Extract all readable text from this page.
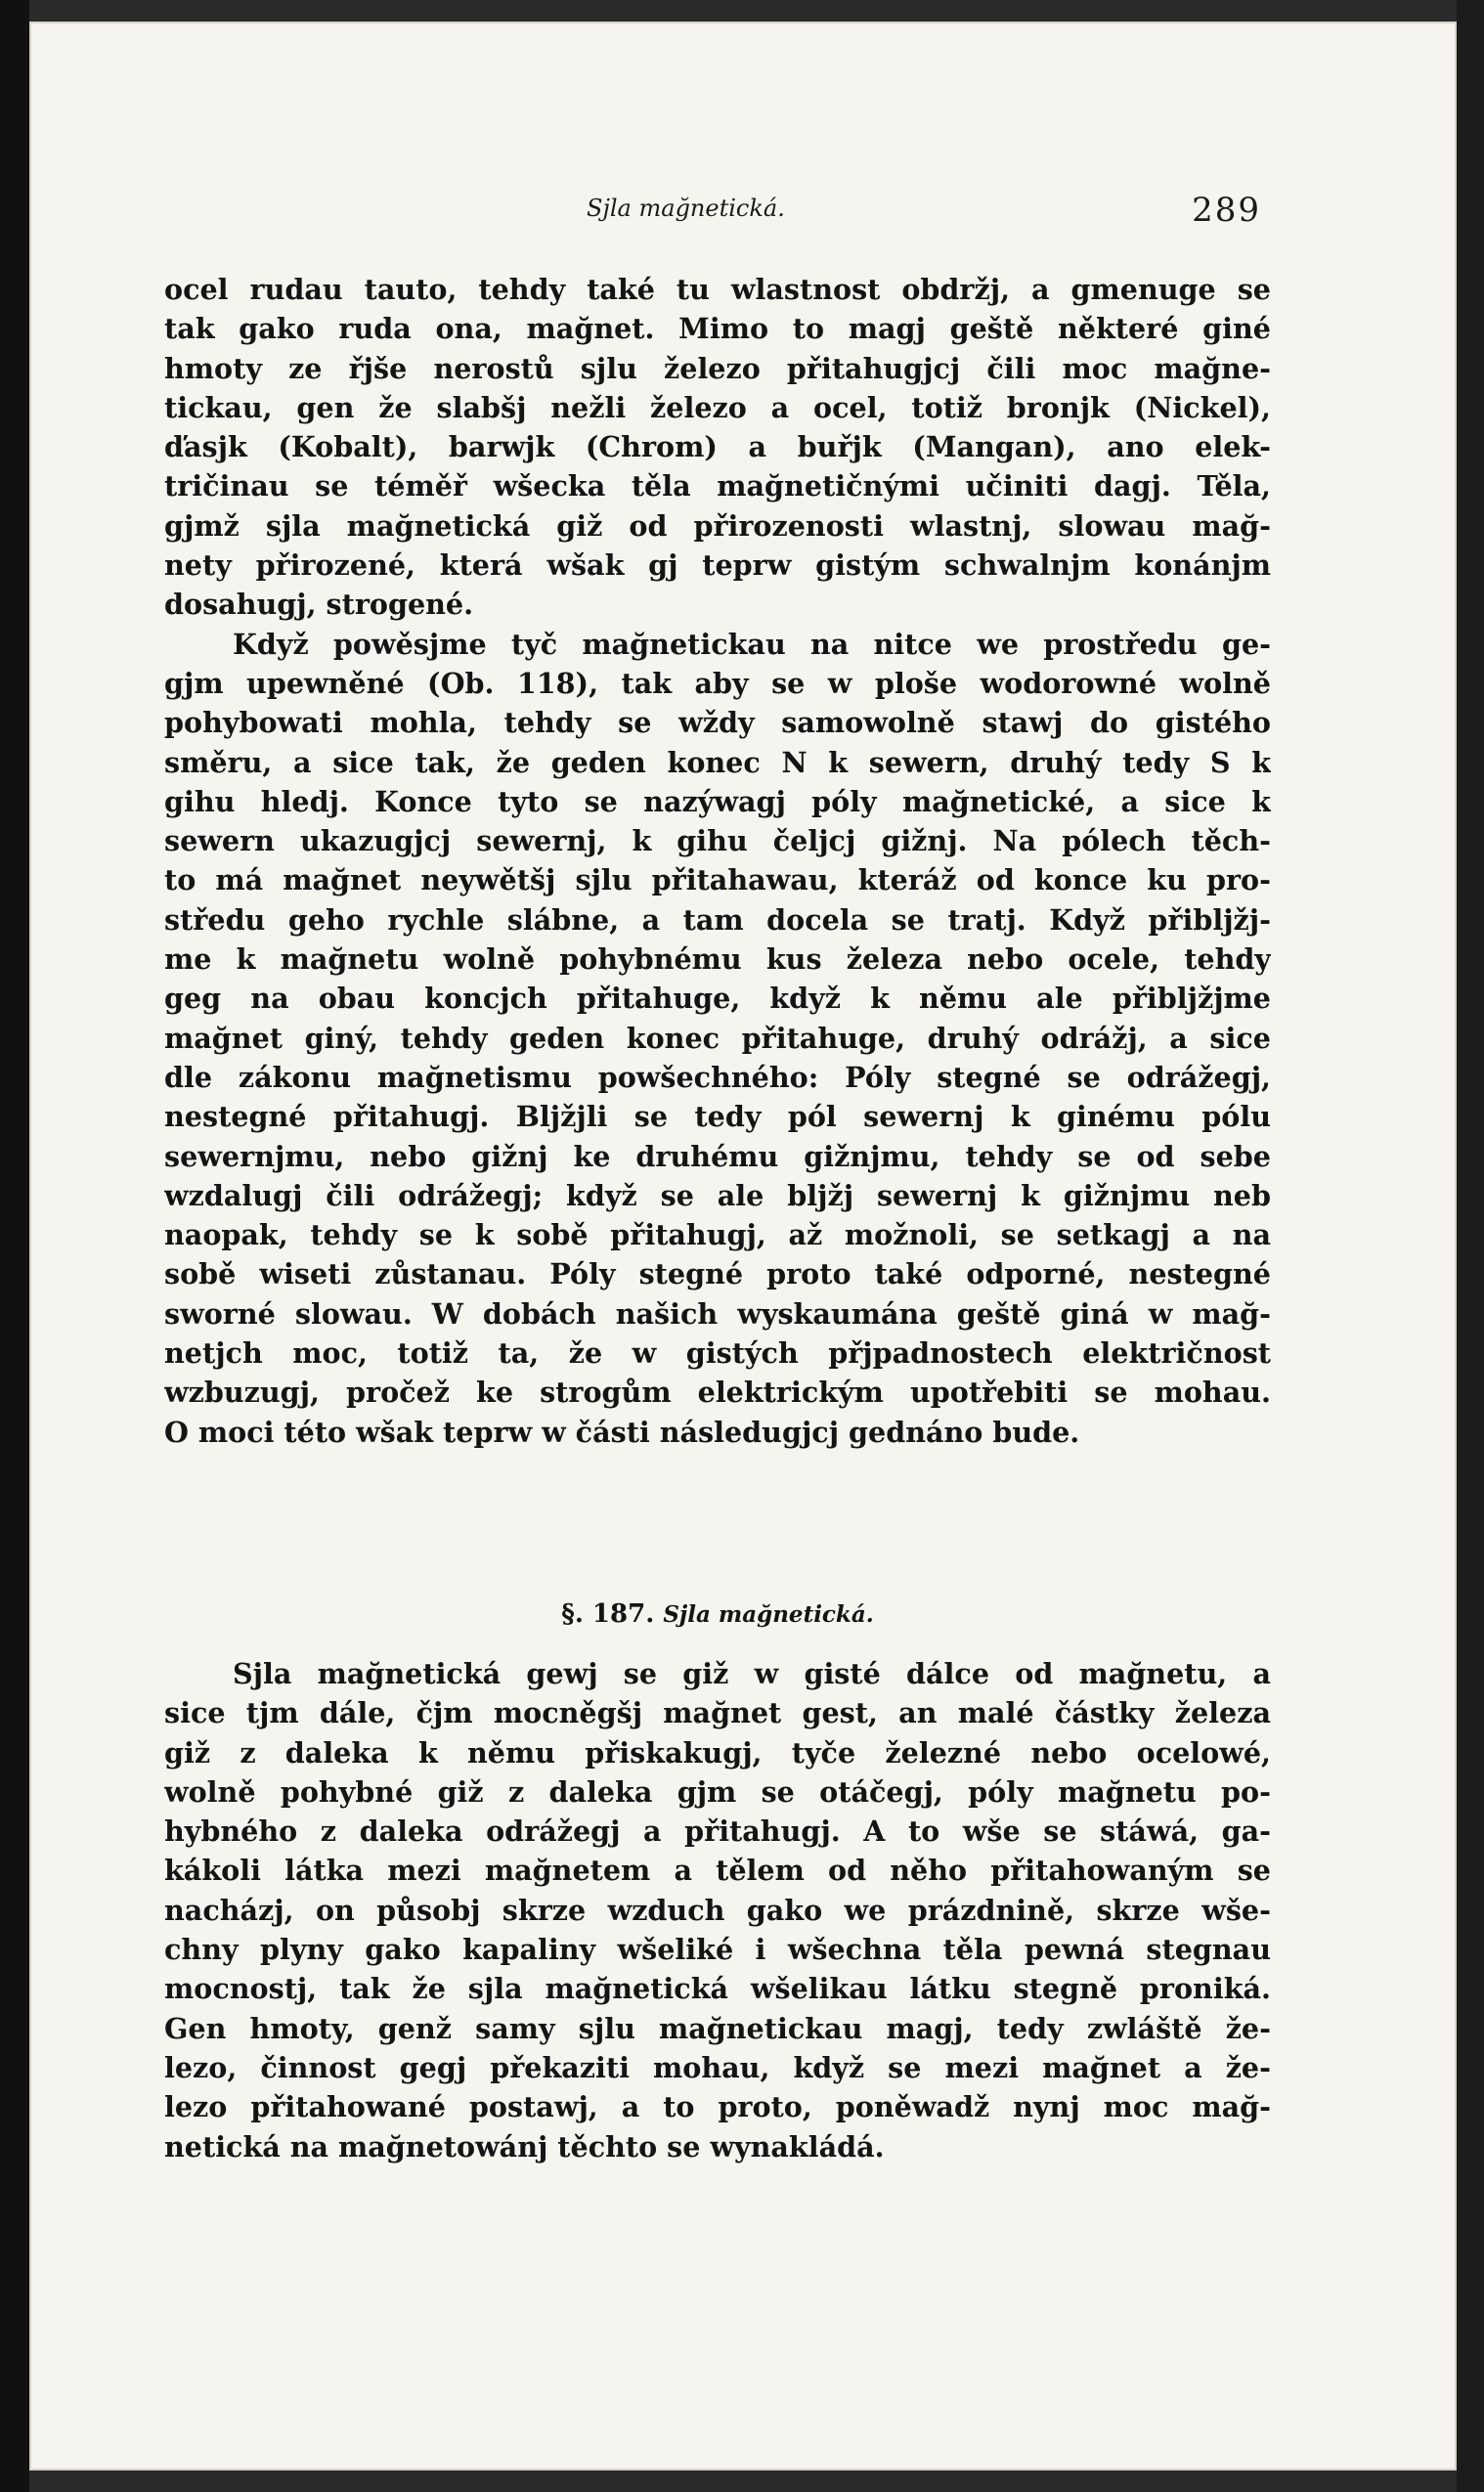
Sjla mağnetická.	289
ocel rudau tauto, tehdy také tu wlastnost obdržj, a gmenuge se
tak gako ruda ona, mağnet. Mimo to magj geště některé giné
hmoty ze řjše nerostů sjlu železo přitahugjcj čili moc mağne-
tickau, gen že slabšj nežli železo a ocel, totiž bronjk (Nickel),
ďasjk (Kobalt), barwjk (Chrom) a buřjk (Mangan), ano elek-
tričinau se téměř wšecka těla mağnetičnými učiniti dagj. Těla,
gjmž sjla mağnetická giž od přirozenosti wlastnj, slowau mağ-
nety přirozené, která wšak gj teprw gistým schwalnjm konánjm
dosahugj, strogené.
Když powěsjme tyč mağnetickau na nitce we prostředu ge-
gjm upewněné (Ob. 118), tak aby se w ploše wodorowné wolně
pohybowati mohla, tehdy se wždy samowolně stawj do gistého
směru, a sice tak, že geden konec N k sewern, druhý tedy S k
gihu hledj. Konce tyto se nazýwagj póly mağnetické, a sice k
sewern ukazugjcj sewernj, k gihu čeljcj gižnj. Na pólech těch-
to má mağnet neywětšj sjlu přitahawau, kteráž od konce ku pro-
středu geho rychle slábne, a tam docela se tratj. Když přibljžj-
me k mağnetu wolně pohybnému kus železa nebo ocele, tehdy
geg na obau koncjch přitahuge, když k němu ale přibljžjme
mağnet giný, tehdy geden konec přitahuge, druhý odrážj, a sice
dle zákonu mağnetismu powšechného: Póly stegné se odrážegj,
nestegné přitahugj. Bljžjli se tedy pól sewernj k ginému pólu
sewernjmu, nebo gižnj ke druhému gižnjmu, tehdy se od sebe
wzdalugj čili odrážegj; když se ale bljžj sewernj k gižnjmu neb
naopak, tehdy se k sobě přitahugj, až možnoli, se setkagj a na
sobě wiseti zůstanau. Póly stegné proto také odporné, nestegné
sworné slowau. W dobách našich wyskaumána geště giná w mağ-
netjch moc, totiž ta, že w gistých přjpadnostech električnost
wzbuzugj, pročež ke strogům elektrickým upotřebiti se mohau.
O moci této wšak teprw w části následugjcj gednáno bude.
§. 187. Sjla mağnetická.
Sjla mağnetická gewj se giž w gisté dálce od mağnetu, a
sice tjm dále, čjm mocněgšj mağnet gest, an malé částky železa
giž z daleka k němu přiskakugj, tyče železné nebo ocelowé,
wolně pohybné giž z daleka gjm se otáčegj, póly mağnetu po-
hybného z daleka odrážegj a přitahugj. A to wše se stáwá, ga-
kákoli látka mezi mağnetem a tělem od něho přitahowaným se
nacházj, on působj skrze wzduch gako we prázdnině, skrze wše-
chny plyny gako kapaliny wšeliké i wšechna těla pewná stegnau
mocnostj, tak že sjla mağnetická wšelikau látku stegně proniká.
Gen hmoty, genž samy sjlu mağnetickau magj, tedy zwláště že-
lezo, činnost gegj překaziti mohau, když se mezi mağnet a že-
lezo přitahowané postawj, a to proto, poněwadž nynj moc mağ-
netická na mağnetowánj těchto se wynakládá.
